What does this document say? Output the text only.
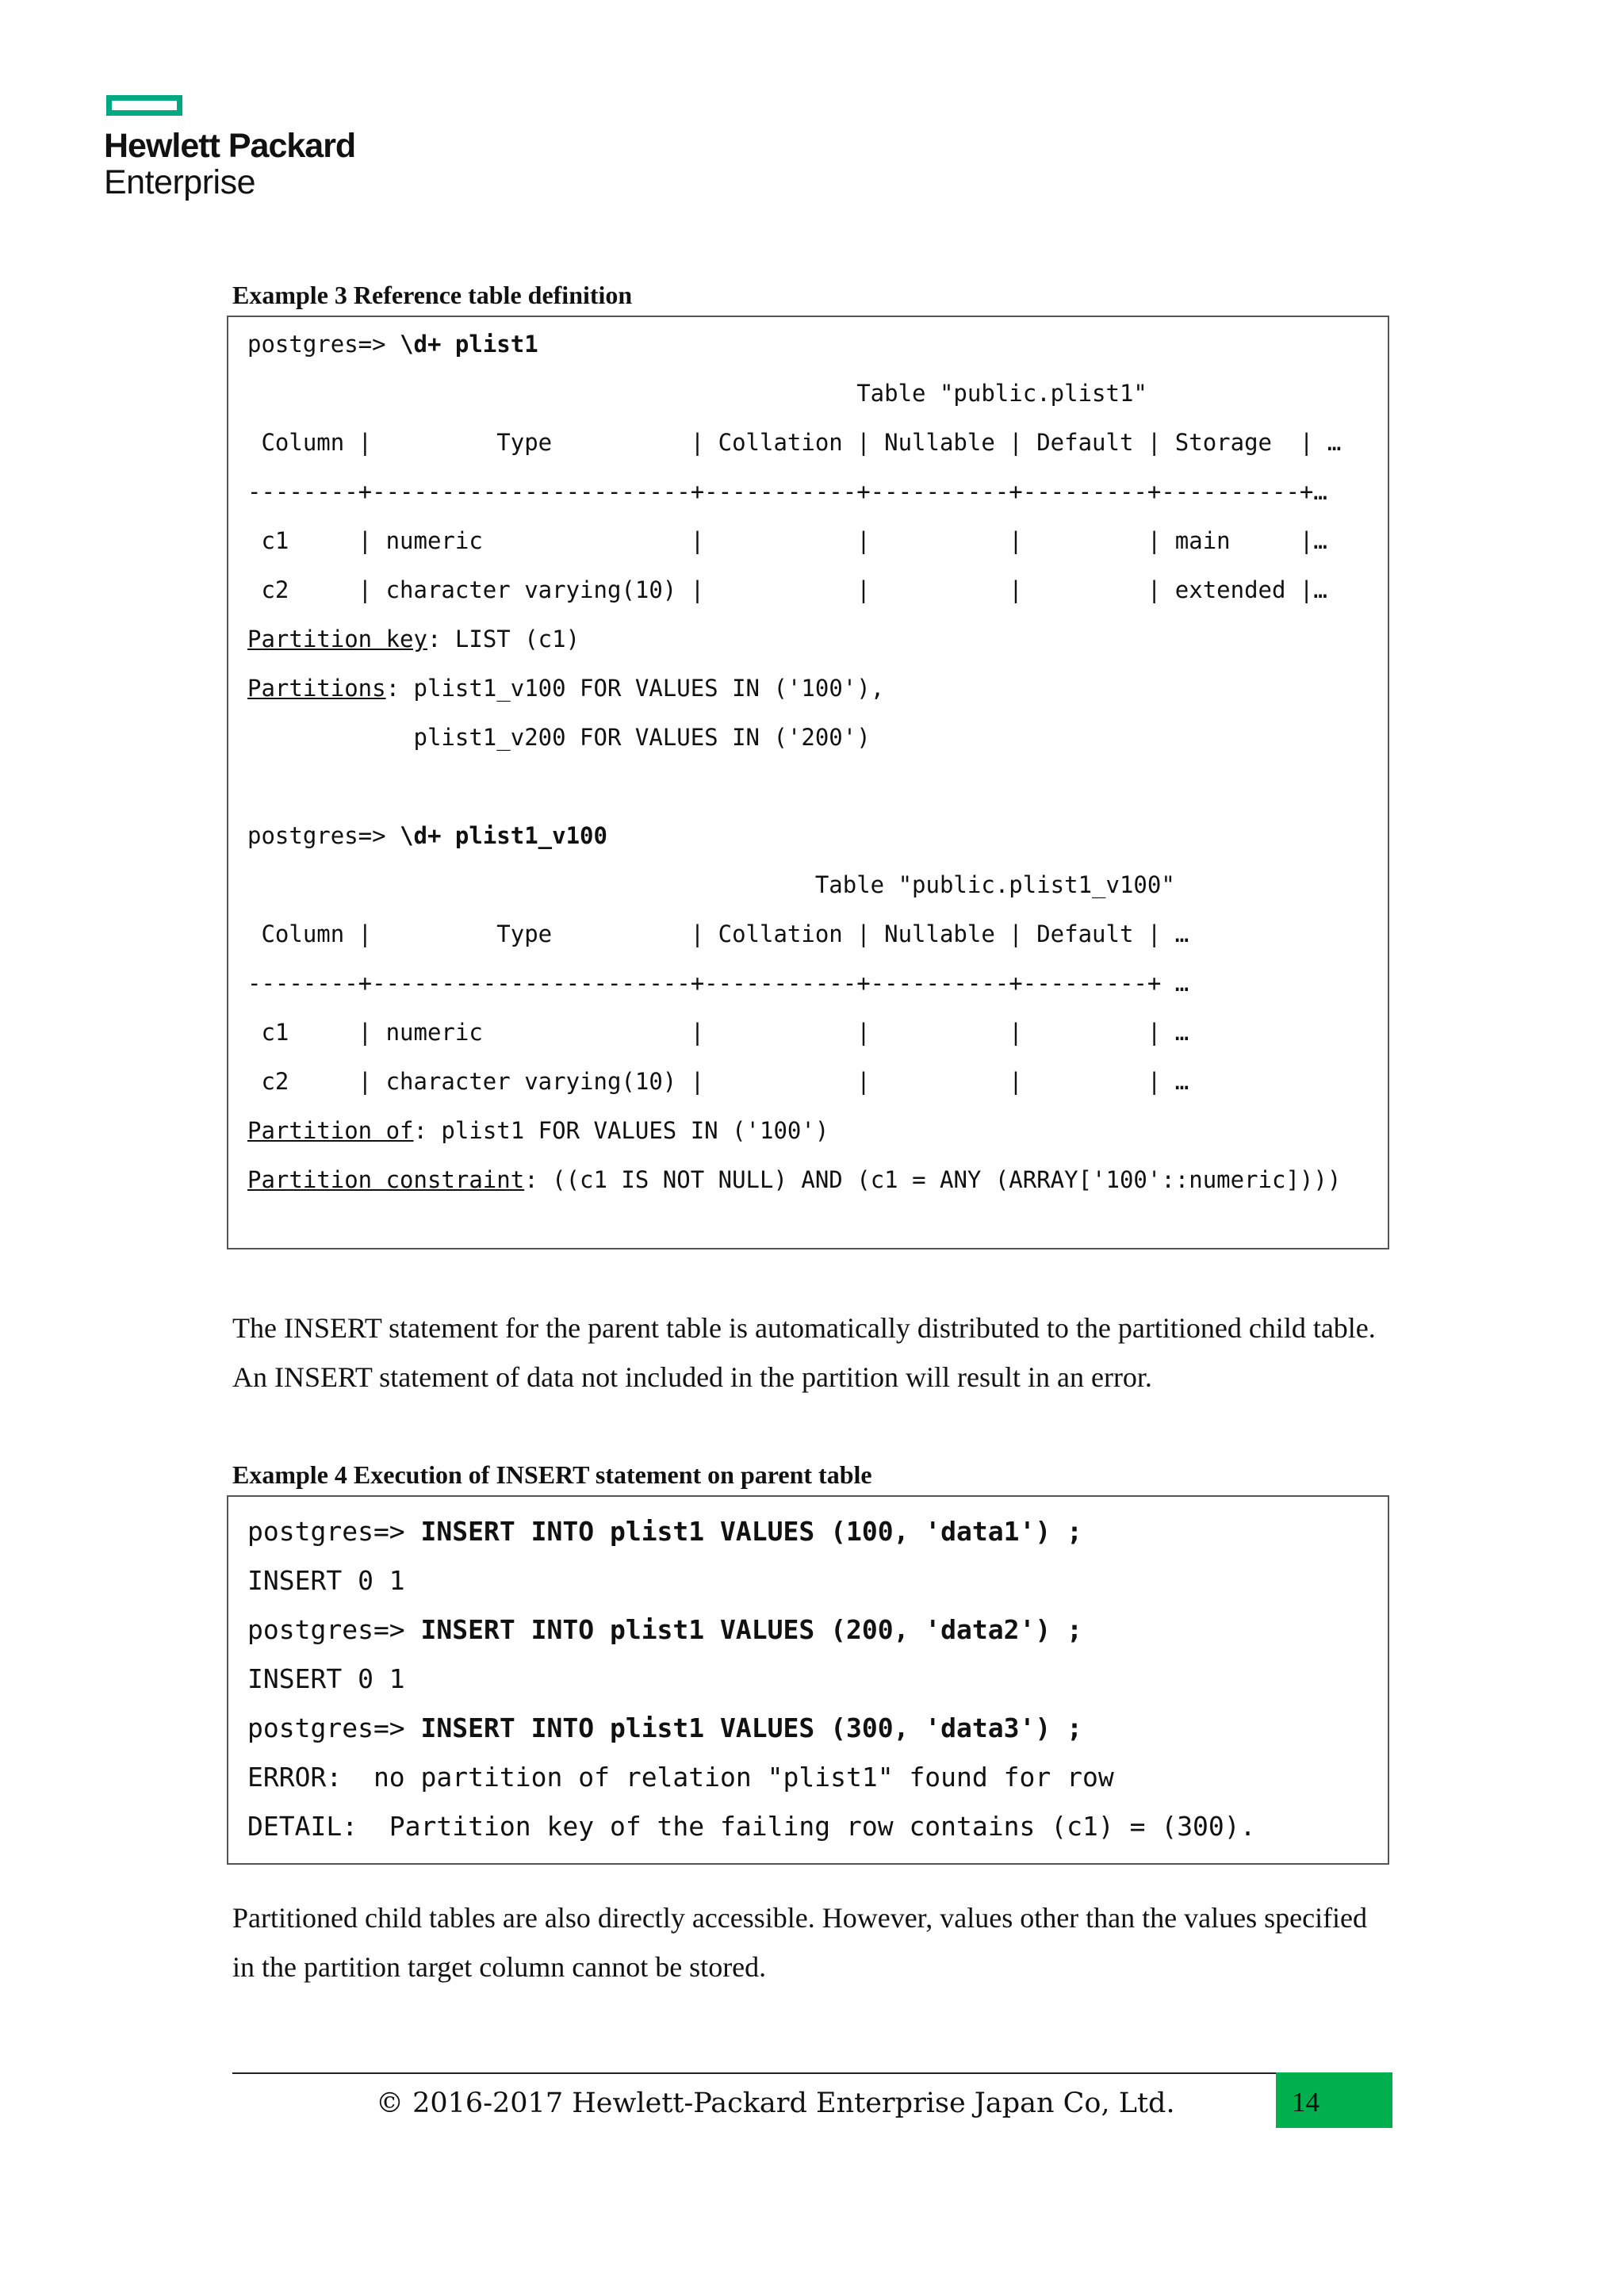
Hewlett Packard
Enterprise
Example 3 Reference table definition
postgres=> \d+ plist1
Table "public.plist1"
Column |         Type          | Collation | Nullable | Default | Storage  | …
--------+-----------------------+-----------+----------+---------+----------+…
c1     | numeric               |           |          |         | main     |…
c2     | character varying(10) |           |          |         | extended |…
Partition key: LIST (c1)
Partitions: plist1_v100 FOR VALUES IN ('100'),
plist1_v200 FOR VALUES IN ('200')
postgres=> \d+ plist1_v100
Table "public.plist1_v100"
Column |         Type          | Collation | Nullable | Default | …
--------+-----------------------+-----------+----------+---------+ …
c1     | numeric               |           |          |         | …
c2     | character varying(10) |           |          |         | …
Partition of: plist1 FOR VALUES IN ('100')
Partition constraint: ((c1 IS NOT NULL) AND (c1 = ANY (ARRAY['100'::numeric])))
The INSERT statement for the parent table is automatically distributed to the partitioned child table.
An INSERT statement of data not included in the partition will result in an error.
Example 4 Execution of INSERT statement on parent table
postgres=> INSERT INTO plist1 VALUES (100, 'data1') ;
INSERT 0 1
postgres=> INSERT INTO plist1 VALUES (200, 'data2') ;
INSERT 0 1
postgres=> INSERT INTO plist1 VALUES (300, 'data3') ;
ERROR:  no partition of relation "plist1" found for row
DETAIL:  Partition key of the failing row contains (c1) = (300).
Partitioned child tables are also directly accessible. However, values other than the values specified
in the partition target column cannot be stored.
© 2016-2017 Hewlett-Packard Enterprise Japan Co, Ltd.	14
